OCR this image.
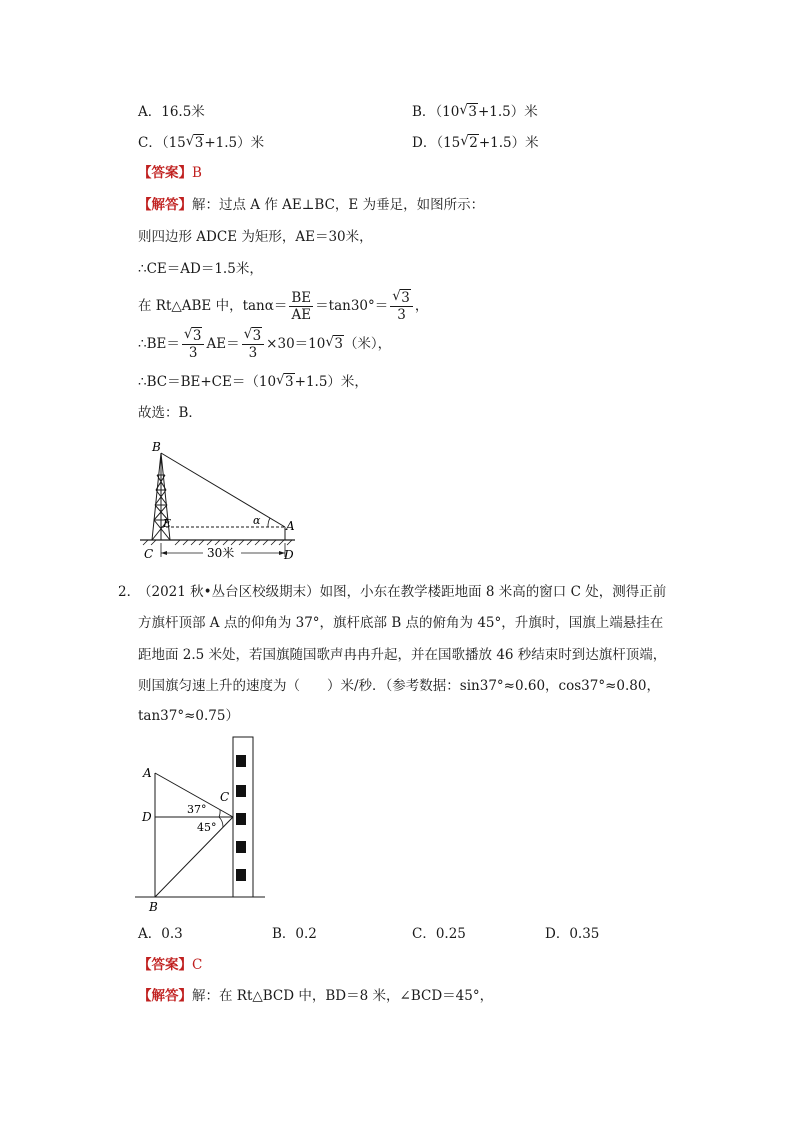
A．16.5米	B．（10 √ 3+1.5）米
C．（15 √ 3+1.5）米	D．（15 √ 2+1.5）米
【答案】B
【解答】解：过点 A 作 AE⊥BC，E 为垂足，如图所示：
则四边形 ADCE 为矩形，AE＝30米，
∴CE＝AD＝1.5米，
在 Rt△ABE 中，$\tan\alpha= \frac{BE}{AE} =\tan 30^\circ= \frac{√ 3}{3}$ ，
∴BE＝ $\frac{√ 3}{3} AE= \frac{√ 3}{3} \times 30=10$ √ 3（米），
∴BC＝BE+CE＝（10 √ 3+1.5）米，
故选：B．
B
E	α A
C	D
30米
2．
（2021 秋•丛台区校级期末）如图，小东在教学楼距地面 8 米高的窗口 C 处，测得正前
方旗杆顶部 A 点的仰角为 37°，旗杆底部 B 点的俯角为 45°，升旗时，国旗上端悬挂在
距地面 2.5 米处，若国旗随国歌声冉冉升起，并在国歌播放 46 秒结束时到达旗杆顶端，
则国旗匀速上升的速度为（　　）米/秒．（参考数据：sin37°≈0.60，cos37°≈0.80，
tan37°≈0.75）
A
D
B
C
37°
45°
A．0.3	B．0.2	C．0.25	D．0.35
【答案】C
【解答】解：在 Rt△BCD 中，BD＝8 米，∠BCD＝45°，
